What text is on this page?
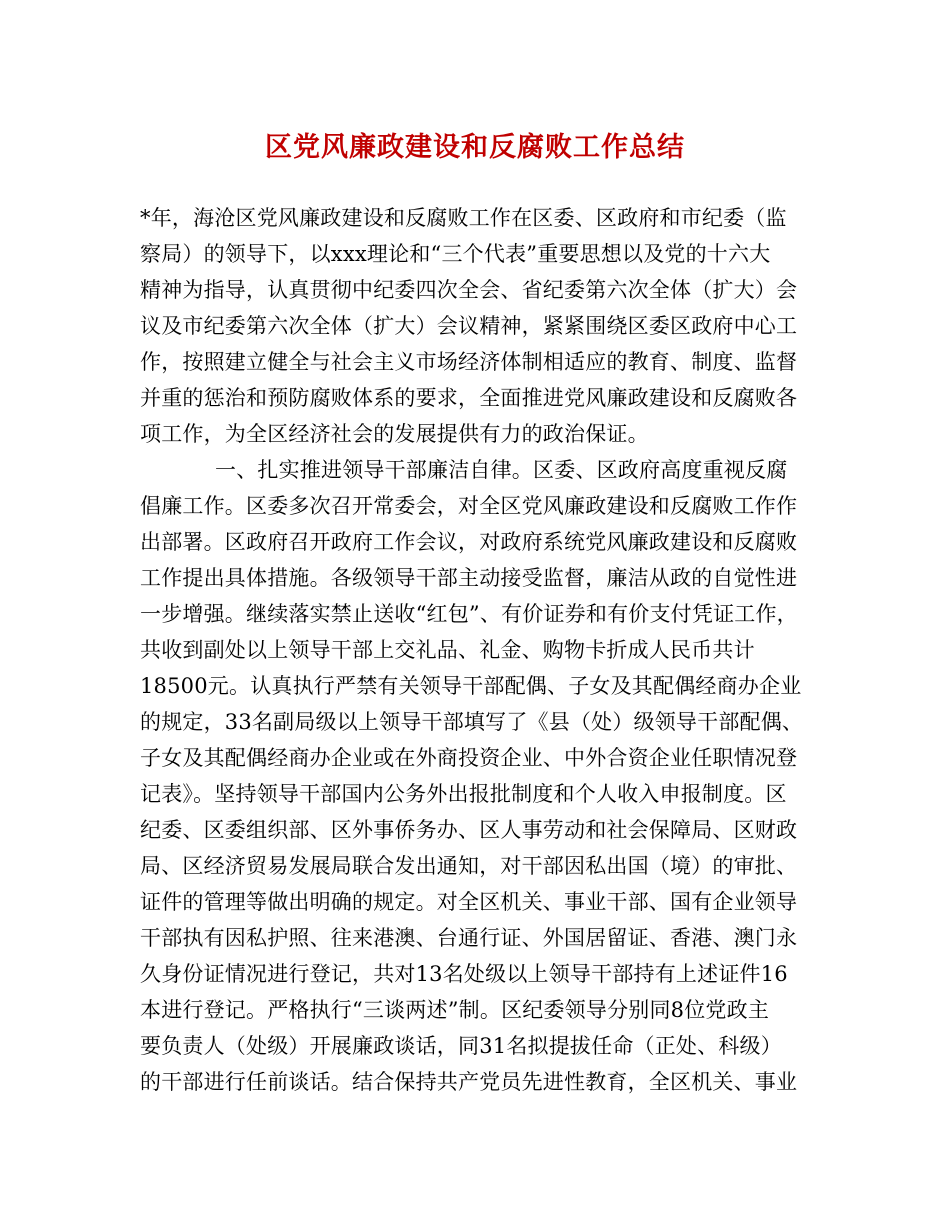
区党风廉政建设和反腐败工作总结
*年，海沧区党风廉政建设和反腐败工作在区委、区政府和市纪委（监
察局）的领导下，以xxx理论和“三个代表”重要思想以及党的十六大
精神为指导，认真贯彻中纪委四次全会、省纪委第六次全体（扩大）会
议及市纪委第六次全体（扩大）会议精神，紧紧围绕区委区政府中心工
作，按照建立健全与社会主义市场经济体制相适应的教育、制度、监督
并重的惩治和预防腐败体系的要求，全面推进党风廉政建设和反腐败各
项工作，为全区经济社会的发展提供有力的政治保证。
一、扎实推进领导干部廉洁自律。区委、区政府高度重视反腐
倡廉工作。区委多次召开常委会，对全区党风廉政建设和反腐败工作作
出部署。区政府召开政府工作会议，对政府系统党风廉政建设和反腐败
工作提出具体措施。各级领导干部主动接受监督，廉洁从政的自觉性进
一步增强。继续落实禁止送收“红包”、有价证券和有价支付凭证工作，
共收到副处以上领导干部上交礼品、礼金、购物卡折成人民币共计
18500元。认真执行严禁有关领导干部配偶、子女及其配偶经商办企业
的规定，33名副局级以上领导干部填写了《县（处）级领导干部配偶、
子女及其配偶经商办企业或在外商投资企业、中外合资企业任职情况登
记表》。坚持领导干部国内公务外出报批制度和个人收入申报制度。区
纪委、区委组织部、区外事侨务办、区人事劳动和社会保障局、区财政
局、区经济贸易发展局联合发出通知，对干部因私出国（境）的审批、
证件的管理等做出明确的规定。对全区机关、事业干部、国有企业领导
干部执有因私护照、往来港澳、台通行证、外国居留证、香港、澳门永
久身份证情况进行登记，共对13名处级以上领导干部持有上述证件16
本进行登记。严格执行“三谈两述”制。区纪委领导分别同8位党政主
要负责人（处级）开展廉政谈话，同31名拟提拔任命（正处、科级）
的干部进行任前谈话。结合保持共产党员先进性教育，全区机关、事业
